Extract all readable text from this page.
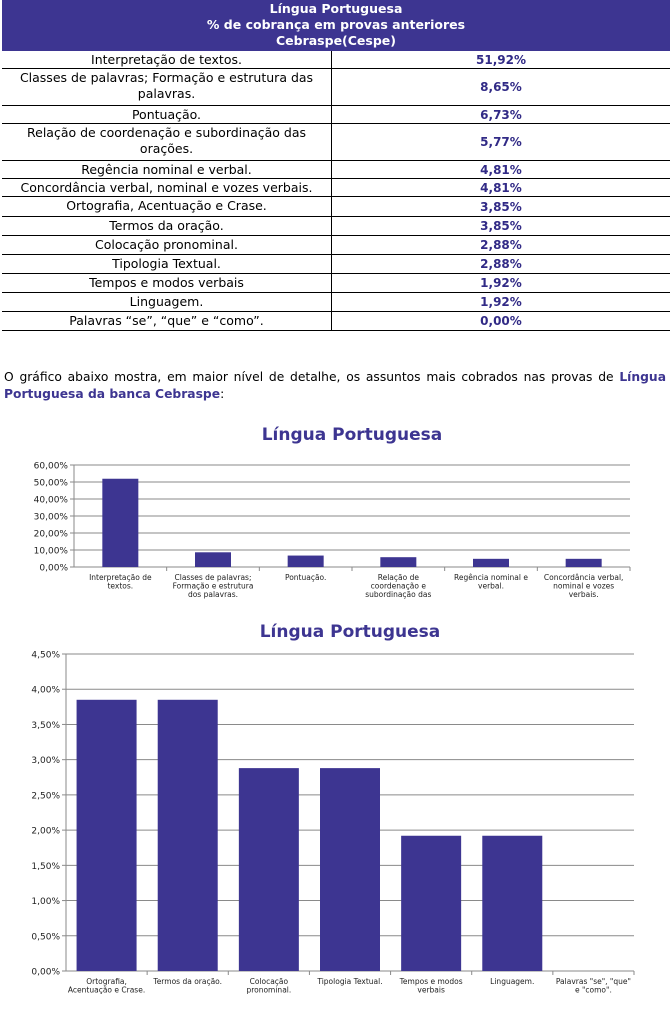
Língua Portuguesa
% de cobrança em provas anteriores
Cebraspe(Cespe)
Interpretação de textos.	51,92%
Classes de palavras; Formação e estrutura das palavras.	8,65%
Pontuação.	6,73%
Relação de coordenação e subordinação das orações.	5,77%
Regência nominal e verbal.	4,81%
Concordância verbal, nominal e vozes verbais.	4,81%
Ortografia, Acentuação e Crase.	3,85%
Termos da oração.	3,85%
Colocação pronominal.	2,88%
Tipologia Textual.	2,88%
Tempos e modos verbais	1,92%
Linguagem.	1,92%
Palavras “se”, “que” e “como”.	0,00%

O gráfico abaixo mostra, em maior nível de detalhe, os assuntos mais cobrados nas provas de Língua Portuguesa da banca Cebraspe:

Língua Portuguesa
0,00%
10,00%
20,00%
30,00%
40,00%
50,00%
60,00%
Interpretação de
textos.
Classes de palavras;
Formação e estrutura
dos palavras.
Pontuação.	Relação de
coordenação e
subordinação das
Regência nominal e
verbal.
Concordância verbal,
nominal e vozes
verbais.
Língua Portuguesa
0,00%
0,50%
1,00%
1,50%
2,00%
2,50%
3,00%
3,50%
4,00%
4,50%
Ortografia,
Acentuação e Crase.
Termos da oração.	Colocação
pronominal.
Tipologia Textual. Tempos e modos
verbais
Linguagem.	Palavras "se", "que"
e "como".
